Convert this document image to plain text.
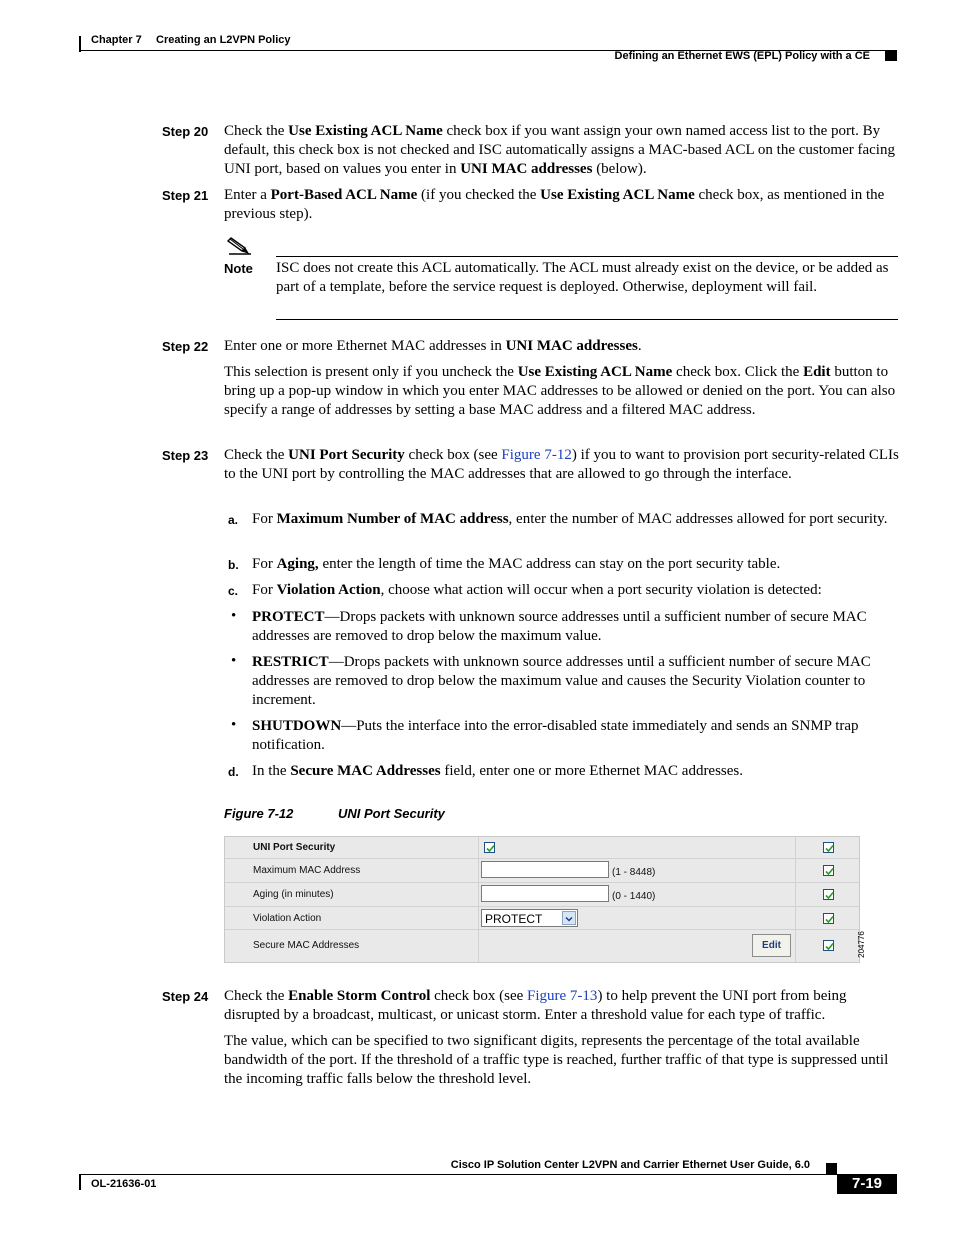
Chapter 7 Creating an L2VPN Policy
Defining an Ethernet EWS (EPL) Policy with a CE
Step 20 Check the Use Existing ACL Name check box if you want assign your own named access list to the port. By default, this check box is not checked and ISC automatically assigns a MAC-based ACL on the customer facing UNI port, based on values you enter in UNI MAC addresses (below).
Step 21 Enter a Port-Based ACL Name (if you checked the Use Existing ACL Name check box, as mentioned in the previous step).
Note ISC does not create this ACL automatically. The ACL must already exist on the device, or be added as part of a template, before the service request is deployed. Otherwise, deployment will fail.
Step 22 Enter one or more Ethernet MAC addresses in UNI MAC addresses.
This selection is present only if you uncheck the Use Existing ACL Name check box. Click the Edit button to bring up a pop-up window in which you enter MAC addresses to be allowed or denied on the port. You can also specify a range of addresses by setting a base MAC address and a filtered MAC address.
Step 23 Check the UNI Port Security check box (see Figure 7-12) if you to want to provision port security-related CLIs to the UNI port by controlling the MAC addresses that are allowed to go through the interface.
a. For Maximum Number of MAC address, enter the number of MAC addresses allowed for port security.
b. For Aging, enter the length of time the MAC address can stay on the port security table.
c. For Violation Action, choose what action will occur when a port security violation is detected:
• PROTECT—Drops packets with unknown source addresses until a sufficient number of secure MAC addresses are removed to drop below the maximum value.
• RESTRICT—Drops packets with unknown source addresses until a sufficient number of secure MAC addresses are removed to drop below the maximum value and causes the Security Violation counter to increment.
• SHUTDOWN—Puts the interface into the error-disabled state immediately and sends an SNMP trap notification.
d. In the Secure MAC Addresses field, enter one or more Ethernet MAC addresses.
Figure 7-12	UNI Port Security
UNI Port Security
Maximum MAC Address	(1 - 8448)
Aging (in minutes)	(0 - 1440)
Violation Action	PROTECT
Secure MAC Addresses	Edit	204776
Step 24 Check the Enable Storm Control check box (see Figure 7-13) to help prevent the UNI port from being disrupted by a broadcast, multicast, or unicast storm. Enter a threshold value for each type of traffic.
The value, which can be specified to two significant digits, represents the percentage of the total available bandwidth of the port. If the threshold of a traffic type is reached, further traffic of that type is suppressed until the incoming traffic falls below the threshold level.
Cisco IP Solution Center L2VPN and Carrier Ethernet User Guide, 6.0
OL-21636-01	7-19
